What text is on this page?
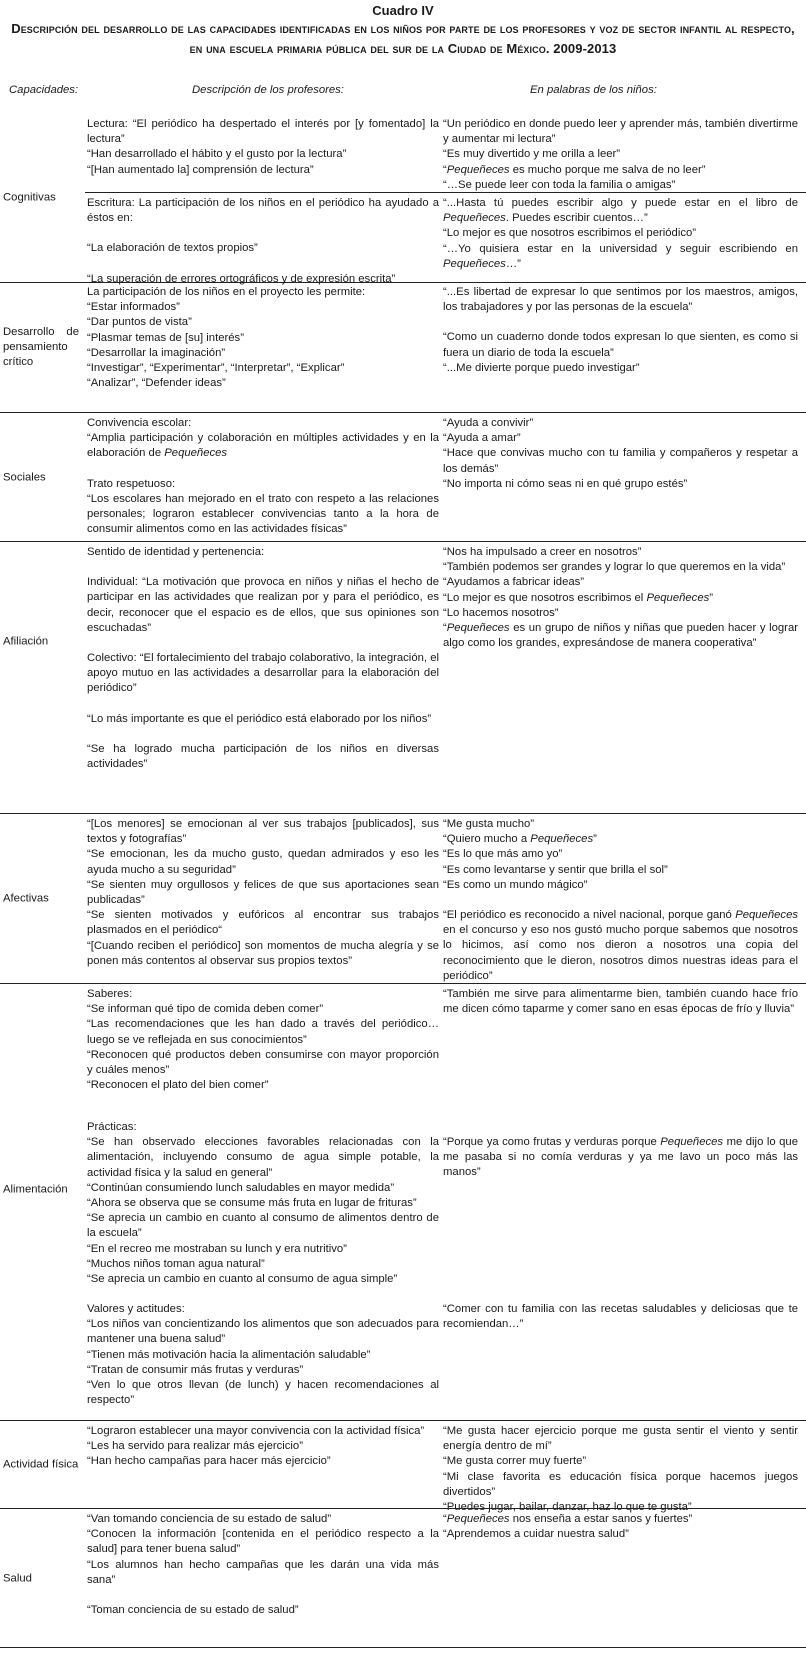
Cuadro IV
Descripción del desarrollo de las capacidades identificadas en los niños por parte de los profesores y voz de sector infantil al respecto, en una escuela primaria pública del sur de la Ciudad de México. 2009-2013
Capacidades:	Descripción de los profesores:	En palabras de los niños:
Cognitivas
Lectura: “El periódico ha despertado el interés por [y fomentado] la lectura”
“Han desarrollado el hábito y el gusto por la lectura”
“[Han aumentado la] comprensión de lectura”
“Un periódico en donde puedo leer y aprender más, también divertirme y aumentar mi lectura”
“Es muy divertido y me orilla a leer”
“Pequeñeces es mucho porque me salva de no leer”
“…Se puede leer con toda la familia o amigas”
Escritura: La participación de los niños en el periódico ha ayudado a éstos en:
“La elaboración de textos propios”
“La superación de errores ortográficos y de expresión escrita”
“...Hasta tú puedes escribir algo y puede estar en el libro de Pequeñeces. Puedes escribir cuentos…”
“Lo mejor es que nosotros escribimos el periódico”
“…Yo quisiera estar en la universidad y seguir escribiendo en Pequeñeces…”
Desarrollo de pensamiento crítico
La participación de los niños en el proyecto les permite:
“Estar informados”
“Dar puntos de vista”
“Plasmar temas de [su] interés”
“Desarrollar la imaginación”
“Investigar”, “Experimentar”, “Interpretar”, “Explicar”
“Analizar”, “Defender ideas”
“...Es libertad de expresar lo que sentimos por los maestros, amigos, los trabajadores y por las personas de la escuela”
“Como un cuaderno donde todos expresan lo que sienten, es como si fuera un diario de toda la escuela”
“...Me divierte porque puedo investigar”
Sociales
Convivencia escolar:
“Amplia participación y colaboración en múltiples actividades y en la elaboración de Pequeñeces
Trato respetuoso:
“Los escolares han mejorado en el trato con respeto a las relaciones personales; lograron establecer convivencias tanto a la hora de consumir alimentos como en las actividades físicas”
“Ayuda a convivir”
“Ayuda a amar”
“Hace que convivas mucho con tu familia y compañeros y respetar a los demás”
“No importa ni cómo seas ni en qué grupo estés”
Afiliación
Sentido de identidad y pertenencia:
Individual: “La motivación que provoca en niños y niñas el hecho de participar en las actividades que realizan por y para el periódico, es decir, reconocer que el espacio es de ellos, que sus opiniones son escuchadas”
Colectivo: “El fortalecimiento del trabajo colaborativo, la integración, el apoyo mutuo en las actividades a desarrollar para la elaboración del periódico”
“Lo más importante es que el periódico está elaborado por los niños”
“Se ha logrado mucha participación de los niños en diversas actividades”
“Nos ha impulsado a creer en nosotros”
“También podemos ser grandes y lograr lo que queremos en la vida”
“Ayudamos a fabricar ideas”
“Lo mejor es que nosotros escribimos el Pequeñeces”
“Lo hacemos nosotros”
“Pequeñeces es un grupo de niños y niñas que pueden hacer y lograr algo como los grandes, expresándose de manera cooperativa”
Afectivas
“[Los menores] se emocionan al ver sus trabajos [publicados], sus textos y fotografías”
“Se emocionan, les da mucho gusto, quedan admirados y eso les ayuda mucho a su seguridad”
“Se sienten muy orgullosos y felices de que sus aportaciones sean publicadas”
“Se sienten motivados y eufóricos al encontrar sus trabajos plasmados en el periódico“
“[Cuando reciben el periódico] son momentos de mucha alegría y se ponen más contentos al observar sus propios textos”
“Me gusta mucho”
“Quiero mucho a Pequeñeces”
“Es lo que más amo yo”
“Es como levantarse y sentir que brilla el sol”
“Es como un mundo mágico”
“El periódico es reconocido a nivel nacional, porque ganó Pequeñeces en el concurso y eso nos gustó mucho porque sabemos que nosotros lo hicimos, así como nos dieron a nosotros una copia del reconocimiento que le dieron, nosotros dimos nuestras ideas para el periódico”
Alimentación
Saberes:
“Se informan qué tipo de comida deben comer”
“Las recomendaciones que les han dado a través del periódico… luego se ve reflejada en sus conocimientos”
“Reconocen qué productos deben consumirse con mayor proporción y cuáles menos”
“Reconocen el plato del bien comer”
“También me sirve para alimentarme bien, también cuando hace frío me dicen cómo taparme y comer sano en esas épocas de frío y lluvia”
Prácticas:
“Se han observado elecciones favorables relacionadas con la alimentación, incluyendo consumo de agua simple potable, la actividad física y la salud en general”
“Continúan consumiendo lunch saludables en mayor medida”
“Ahora se observa que se consume más fruta en lugar de frituras”
“Se aprecia un cambio en cuanto al consumo de alimentos dentro de la escuela”
“En el recreo me mostraban su lunch y era nutritivo”
“Muchos niños toman agua natural”
“Se aprecia un cambio en cuanto al consumo de agua simple”
“Porque ya como frutas y verduras porque Pequeñeces me dijo lo que me pasaba si no comía verduras y ya me lavo un poco más las manos”
Valores y actitudes:
“Los niños van concientizando los alimentos que son adecuados para mantener una buena salud”
“Tienen más motivación hacia la alimentación saludable”
“Tratan de consumir más frutas y verduras”
“Ven lo que otros llevan (de lunch) y hacen recomendaciones al respecto”
“Comer con tu familia con las recetas saludables y deliciosas que te recomiendan…”
Actividad física
“Lograron establecer una mayor convivencia con la actividad física”
“Les ha servido para realizar más ejercicio”
“Han hecho campañas para hacer más ejercicio”
“Me gusta hacer ejercicio porque me gusta sentir el viento y sentir energía dentro de mí”
“Me gusta correr muy fuerte”
“Mi clase favorita es educación física porque hacemos juegos divertidos”
“Puedes jugar, bailar, danzar, haz lo que te gusta”
Salud
“Van tomando conciencia de su estado de salud”
“Conocen la información [contenida en el periódico respecto a la salud] para tener buena salud”
“Los alumnos han hecho campañas que les darán una vida más sana”
“Toman conciencia de su estado de salud”
“Pequeñeces nos enseña a estar sanos y fuertes”
“Aprendemos a cuidar nuestra salud”
